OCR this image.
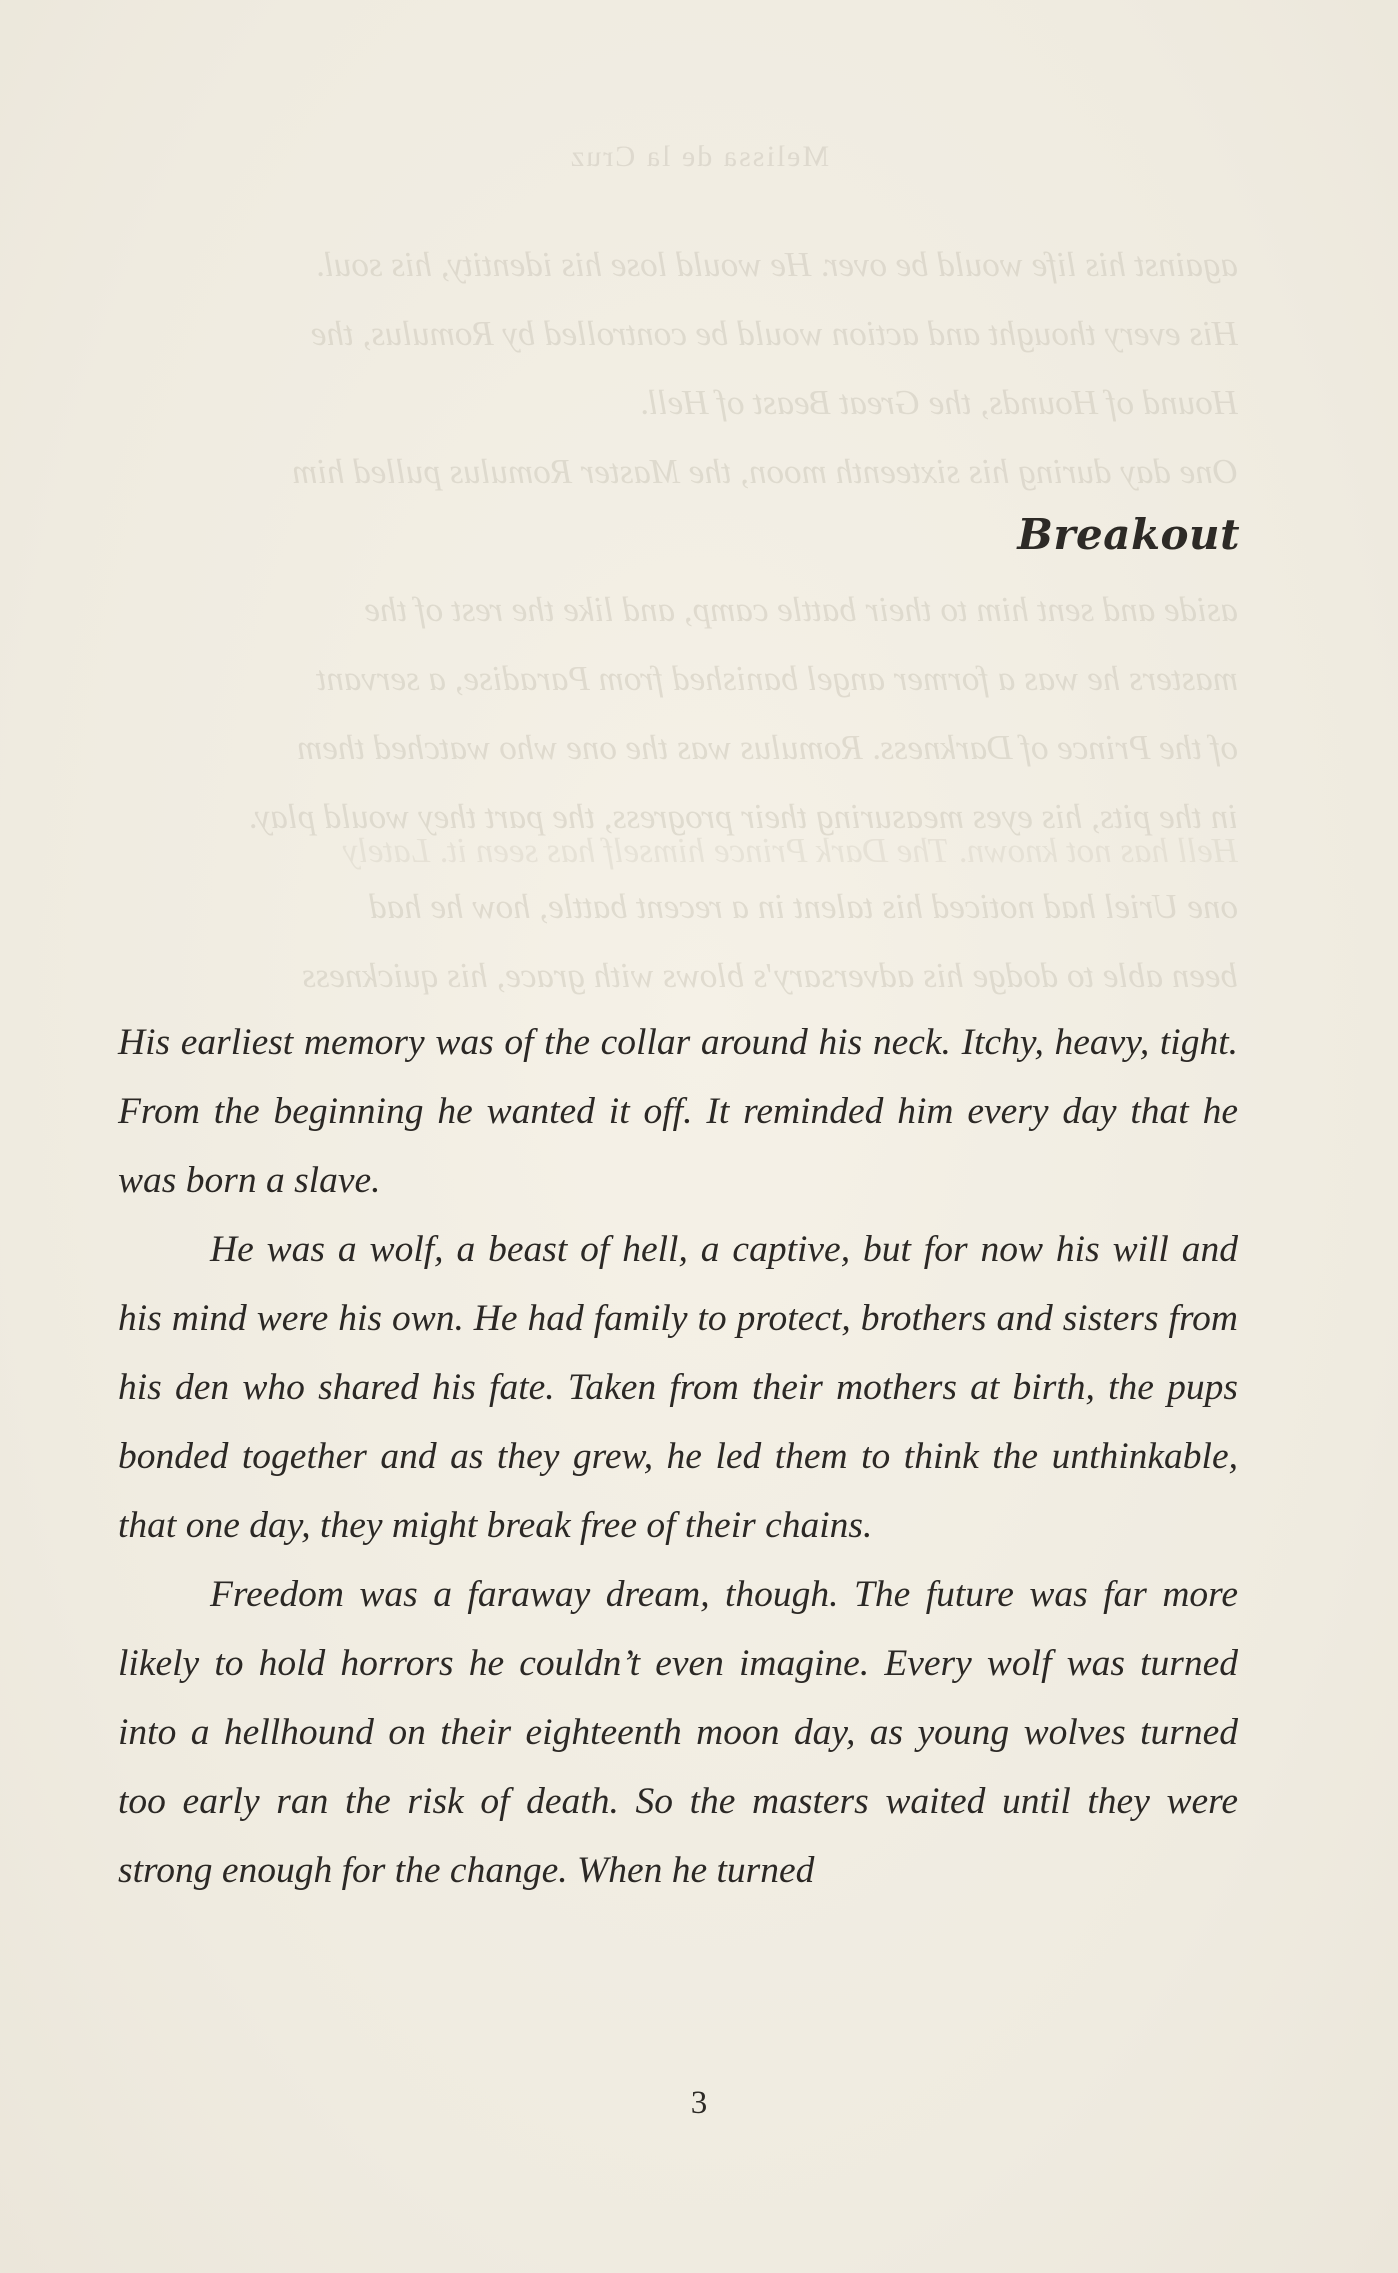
Melissa de la Cruz
against his life would be over. He would lose his identity, his soul.
His every thought and action would be controlled by Romulus, the
Hound of Hounds, the Great Beast of Hell.
One day during his sixteenth moon, the Master Romulus pulled him
aside and sent him to their battle camp, and like the rest of the
masters he was a former angel banished from Paradise, a servant
of the Prince of Darkness. Romulus was the one who watched them
in the pits, his eyes measuring their progress, the part they would play.
Hell has not known. The Dark Prince himself has seen it. Lately
one Uriel had noticed his talent in a recent battle, how he had
been able to dodge his adversary's blows with grace, his quickness
Breakout

His earliest memory was of the collar around his neck. Itchy, heavy, tight. From the beginning he wanted it off. It reminded him every day that he was born a slave.

He was a wolf, a beast of hell, a captive, but for now his will and his mind were his own. He had family to protect, brothers and sisters from his den who shared his fate. Taken from their mothers at birth, the pups bonded together and as they grew, he led them to think the unthinkable, that one day, they might break free of their chains.

Freedom was a faraway dream, though. The future was far more likely to hold horrors he couldn’t even imagine. Every wolf was turned into a hellhound on their eighteenth moon day, as young wolves turned too early ran the risk of death. So the masters waited until they were strong enough for the change. When he turned

3
